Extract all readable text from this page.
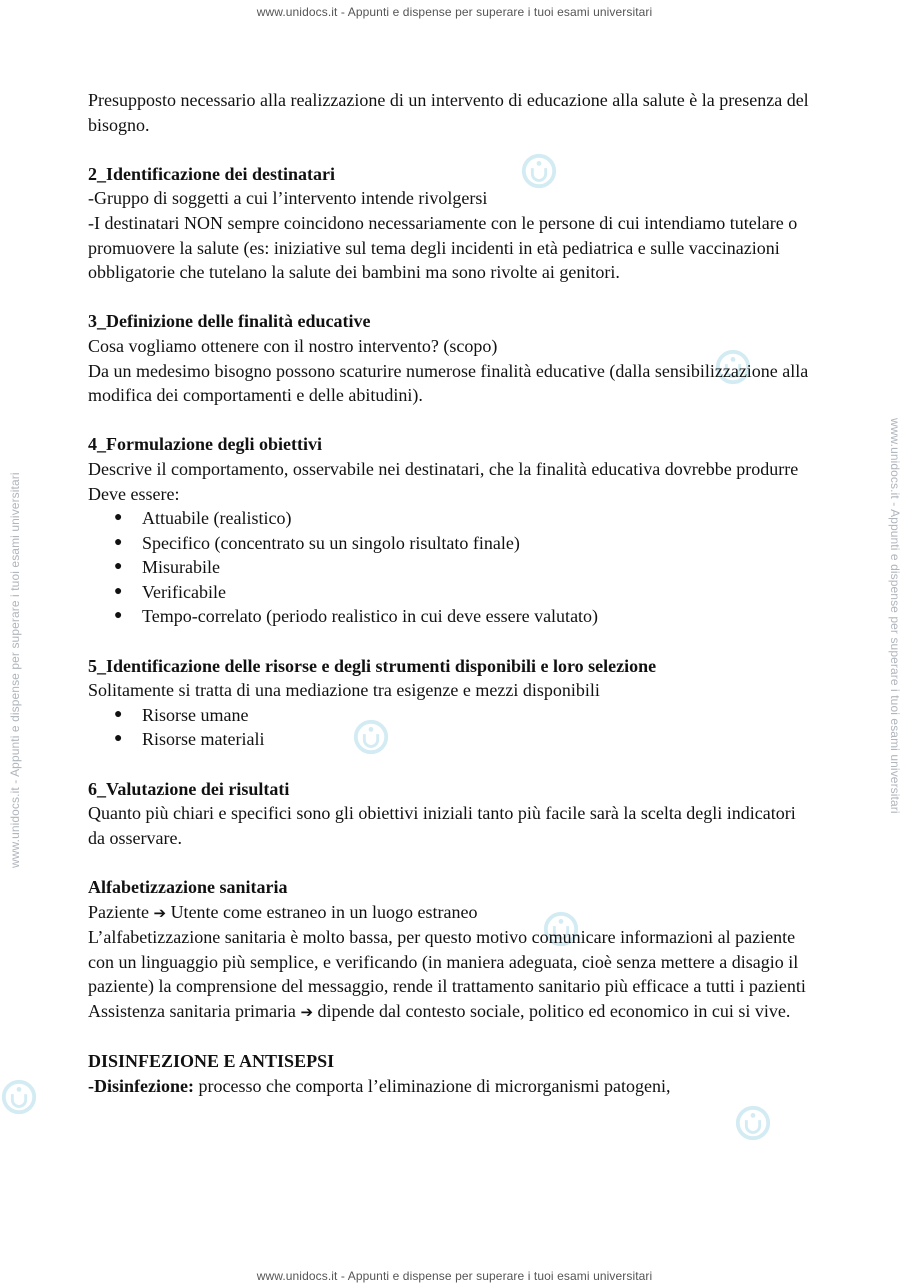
www.unidocs.it - Appunti e dispense per superare i tuoi esami universitari
www.unidocs.it - Appunti e dispense per superare i tuoi esami universitari
www.unidocs.it - Appunti e dispense per superare i tuoi esami universitari	www.unidocs.it - Appunti e dispense per superare i tuoi esami universitari

Presupposto necessario alla realizzazione di un intervento di educazione alla salute è la presenza del bisogno.

2_Identificazione dei destinatari

-Gruppo di soggetti a cui l’intervento intende rivolgersi

-I destinatari NON sempre coincidono necessariamente con le persone di cui intendiamo tutelare o promuovere la salute (es: iniziative sul tema degli incidenti in età pediatrica e sulle vaccinazioni obbligatorie che tutelano la salute dei bambini ma sono rivolte ai genitori.

3_Definizione delle finalità educative

Cosa vogliamo ottenere con il nostro intervento? (scopo)

Da un medesimo bisogno possono scaturire numerose finalità educative (dalla sensibilizzazione alla modifica dei comportamenti e delle abitudini).

4_Formulazione degli obiettivi

Descrive il comportamento, osservabile nei destinatari, che la finalità educativa dovrebbe produrre

Deve essere:

● Attuabile (realistico)
● Specifico (concentrato su un singolo risultato finale)
● Misurabile
● Verificabile
● Tempo-correlato (periodo realistico in cui deve essere valutato)

5_Identificazione delle risorse e degli strumenti disponibili e loro selezione

Solitamente si tratta di una mediazione tra esigenze e mezzi disponibili

● Risorse umane
● Risorse materiali

6_Valutazione dei risultati

Quanto più chiari e specifici sono gli obiettivi iniziali tanto più facile sarà la scelta degli indicatori da osservare.

Alfabetizzazione sanitaria

Paziente ➔ Utente come estraneo in un luogo estraneo

L’alfabetizzazione sanitaria è molto bassa, per questo motivo comunicare informazioni al paziente con un linguaggio più semplice, e verificando (in maniera adeguata, cioè senza mettere a disagio il paziente) la comprensione del messaggio, rende il trattamento sanitario più efficace a tutti i pazienti

Assistenza sanitaria primaria ➔ dipende dal contesto sociale, politico ed economico in cui si vive.

DISINFEZIONE E ANTISEPSI

-Disinfezione: processo che comporta l’eliminazione di microrganismi patogeni,
